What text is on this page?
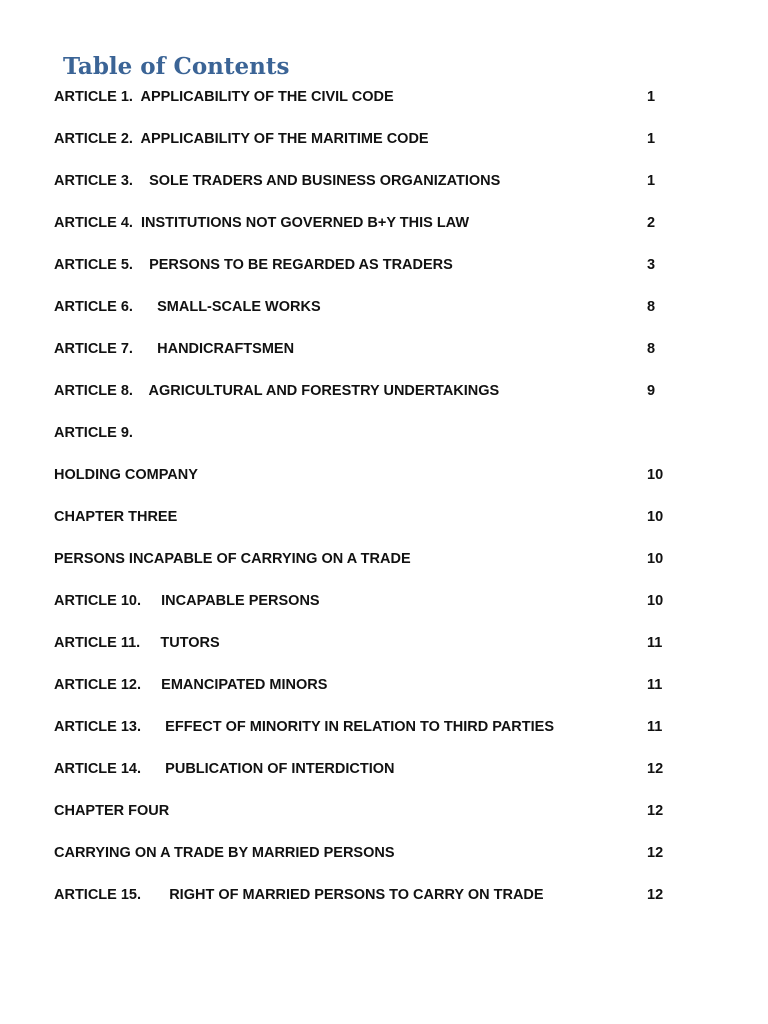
Table of Contents
ARTICLE 1.  APPLICABILITY OF THE CIVIL CODE	1
ARTICLE 2.  APPLICABILITY OF THE MARITIME CODE	1
ARTICLE 3.    SOLE TRADERS AND BUSINESS ORGANIZATIONS	1
ARTICLE 4.  INSTITUTIONS NOT GOVERNED B+Y THIS LAW	2
ARTICLE 5.    PERSONS TO BE REGARDED AS TRADERS	3
ARTICLE 6.      SMALL-SCALE WORKS	8
ARTICLE 7.      HANDICRAFTSMEN	8
ARTICLE 8.    AGRICULTURAL AND FORESTRY UNDERTAKINGS	9
ARTICLE 9.
HOLDING COMPANY	10
CHAPTER THREE	10
PERSONS INCAPABLE OF CARRYING ON A TRADE	10
ARTICLE 10.     INCAPABLE PERSONS	10
ARTICLE 11.     TUTORS	11
ARTICLE 12.     EMANCIPATED MINORS	11
ARTICLE 13.      EFFECT OF MINORITY IN RELATION TO THIRD PARTIES	11
ARTICLE 14.      PUBLICATION OF INTERDICTION	12
CHAPTER FOUR	12
CARRYING ON A TRADE BY MARRIED PERSONS	12
ARTICLE 15.       RIGHT OF MARRIED PERSONS TO CARRY ON TRADE	12
